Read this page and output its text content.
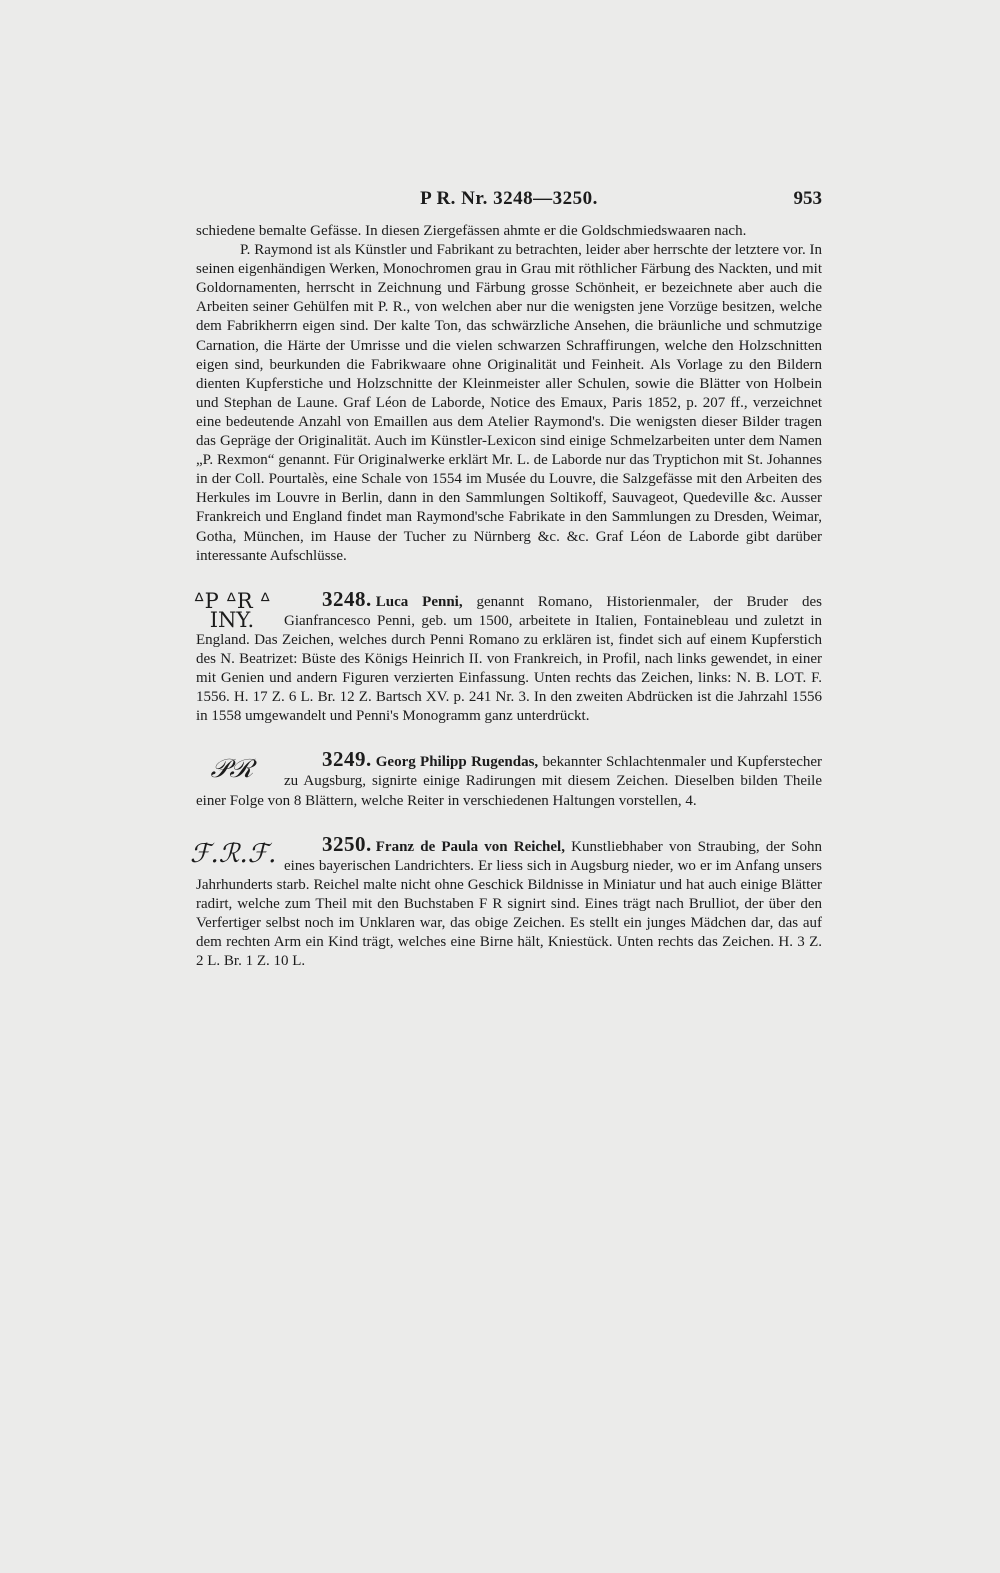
P R. Nr. 3248—3250.	953

schiedene bemalte Gefässe. In diesen Ziergefässen ahmte er die Goldschmiedswaaren nach.

P. Raymond ist als Künstler und Fabrikant zu betrachten, leider aber herrschte der letztere vor. In seinen eigenhändigen Werken, Monochromen grau in Grau mit röthlicher Färbung des Nackten, und mit Goldornamenten, herrscht in Zeichnung und Färbung grosse Schönheit, er bezeichnete aber auch die Arbeiten seiner Gehülfen mit P. R., von welchen aber nur die wenigsten jene Vorzüge besitzen, welche dem Fabrikherrn eigen sind. Der kalte Ton, das schwärzliche Ansehen, die bräunliche und schmutzige Carnation, die Härte der Umrisse und die vielen schwarzen Schraffirungen, welche den Holzschnitten eigen sind, beurkunden die Fabrikwaare ohne Originalität und Feinheit. Als Vorlage zu den Bildern dienten Kupferstiche und Holzschnitte der Kleinmeister aller Schulen, sowie die Blätter von Holbein und Stephan de Laune. Graf Léon de Laborde, Notice des Emaux, Paris 1852, p. 207 ff., verzeichnet eine bedeutende Anzahl von Emaillen aus dem Atelier Raymond's. Die wenigsten dieser Bilder tragen das Gepräge der Originalität. Auch im Künstler-Lexicon sind einige Schmelzarbeiten unter dem Namen „P. Rexmon“ genannt. Für Originalwerke erklärt Mr. L. de Laborde nur das Tryptichon mit St. Johannes in der Coll. Pourtalès, eine Schale von 1554 im Musée du Louvre, die Salzgefässe mit den Arbeiten des Herkules im Louvre in Berlin, dann in den Sammlungen Soltikoff, Sauvageot, Quedeville &c. Ausser Frankreich und England findet man Raymond'sche Fabrikate in den Sammlungen zu Dresden, Weimar, Gotha, München, im Hause der Tucher zu Nürnberg &c. &c. Graf Léon de Laborde gibt darüber interessante Aufschlüsse.

3248. Luca Penni,
ᐞP ᐞR ᐞ
INY.
genannt Romano, Historienmaler, der Bruder des Gianfrancesco Penni, geb. um 1500, arbeitete in Italien, Fontainebleau und zuletzt in England. Das Zeichen, welches durch Penni Romano zu erklären ist, findet sich auf einem Kupferstich des N. Beatrizet: Büste des Königs Heinrich II. von Frankreich, in Profil, nach links gewendet, in einer mit Genien und andern Figuren verzierten Einfassung. Unten rechts das Zeichen, links: N. B. LOT. F. 1556. H. 17 Z. 6 L. Br. 12 Z. Bartsch XV. p. 241 Nr. 3. In den zweiten Abdrücken ist die Jahrzahl 1556 in 1558 umgewandelt und Penni's Monogramm ganz unterdrückt.
3249. Georg Philipp Rugendas,
𝒫ℛ	bekannter Schlachtenmaler und Kupferstecher zu Augsburg, signirte einige Radirungen mit diesem Zeichen. Dieselben bilden Theile einer Folge von 8 Blättern, welche Reiter in verschiedenen Haltungen vorstellen, 4.
3250. Franz de Paula von Reichel,
ℱ.ℛ.ℱ.	Kunstliebhaber von Straubing, der Sohn eines bayerischen Landrichters. Er liess sich in Augsburg nieder, wo er im Anfang unsers Jahrhunderts starb. Reichel malte nicht ohne Geschick Bildnisse in Miniatur und hat auch einige Blätter radirt, welche zum Theil mit den Buchstaben F R signirt sind. Eines trägt nach Brulliot, der über den Verfertiger selbst noch im Unklaren war, das obige Zeichen. Es stellt ein junges Mädchen dar, das auf dem rechten Arm ein Kind trägt, welches eine Birne hält, Kniestück. Unten rechts das Zeichen. H. 3 Z. 2 L. Br. 1 Z. 10 L.
